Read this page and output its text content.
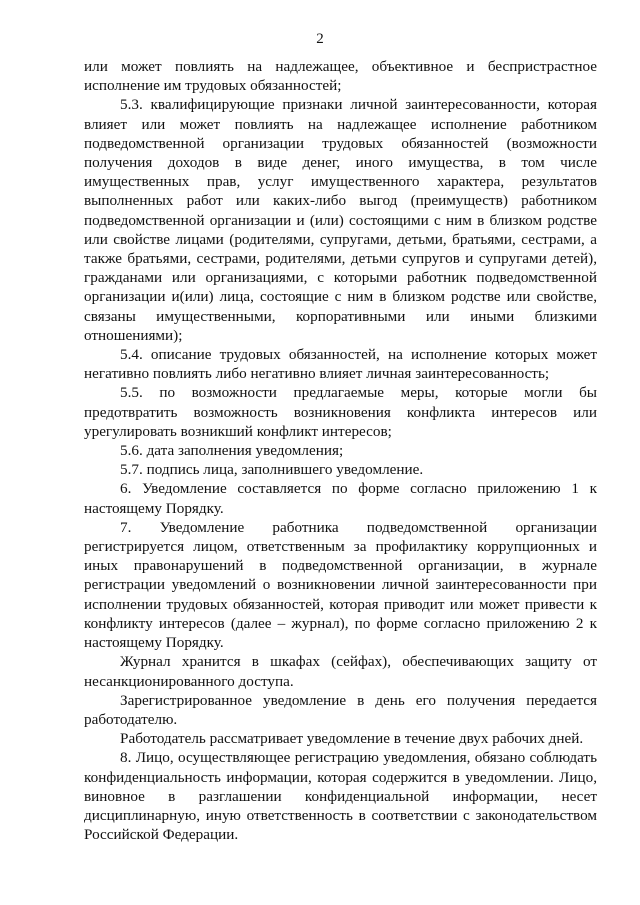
2

или может повлиять на надлежащее, объективное и беспристрастное исполнение им трудовых обязанностей;

5.3. квалифицирующие признаки личной заинтересованности, которая влияет или может повлиять на надлежащее исполнение работником подведомственной организации трудовых обязанностей (возможности получения доходов в виде денег, иного имущества, в том числе имущественных прав, услуг имущественного характера, результатов выполненных работ или каких-либо выгод (преимуществ) работником подведомственной организации и (или) состоящими с ним в близком родстве или свойстве лицами (родителями, супругами, детьми, братьями, сестрами, а также братьями, сестрами, родителями, детьми супругов и супругами детей), гражданами или организациями, с которыми работник подведомственной организации и(или) лица, состоящие с ним в близком родстве или свойстве, связаны имущественными, корпоративными или иными близкими отношениями);

5.4. описание трудовых обязанностей, на исполнение которых может негативно повлиять либо негативно влияет личная заинтересованность;

5.5. по возможности предлагаемые меры, которые могли бы предотвратить возможность возникновения конфликта интересов или урегулировать возникший конфликт интересов;

5.6. дата заполнения уведомления;

5.7. подпись лица, заполнившего уведомление.

6. Уведомление составляется по форме согласно приложению 1 к настоящему Порядку.

7. Уведомление работника подведомственной организации регистрируется лицом, ответственным за профилактику коррупционных и иных правонарушений в подведомственной организации, в журнале регистрации уведомлений о возникновении личной заинтересованности при исполнении трудовых обязанностей, которая приводит или может привести к конфликту интересов (далее – журнал), по форме согласно приложению 2 к настоящему Порядку.

Журнал хранится в шкафах (сейфах), обеспечивающих защиту от несанкционированного доступа.

Зарегистрированное уведомление в день его получения передается работодателю.

Работодатель рассматривает уведомление в течение двух рабочих дней.

8. Лицо, осуществляющее регистрацию уведомления, обязано соблюдать конфиденциальность информации, которая содержится в уведомлении. Лицо, виновное в разглашении конфиденциальной информации, несет дисциплинарную, иную ответственность в соответствии с законодательством Российской Федерации.
